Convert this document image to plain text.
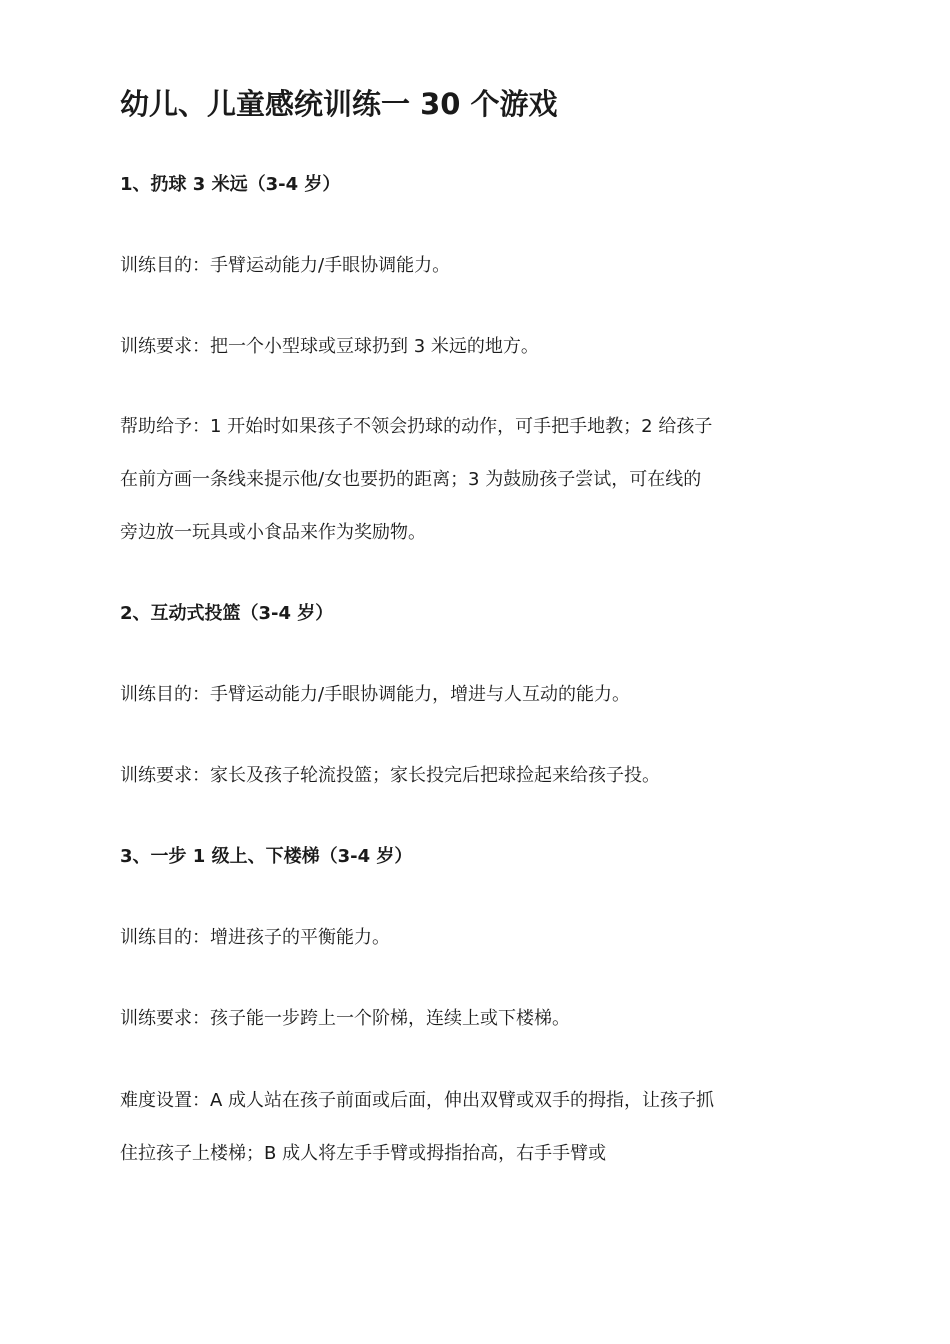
幼儿、儿童感统训练一 30 个游戏
1、扔球 3 米远（3-4 岁）

训练目的：手臂运动能力/手眼协调能力。

训练要求：把一个小型球或豆球扔到 3 米远的地方。

帮助给予：1 开始时如果孩子不领会扔球的动作，可手把手地教；2 给孩子
在前方画一条线来提示他/女也要扔的距离；3 为鼓励孩子尝试，可在线的
旁边放一玩具或小食品来作为奖励物。
2、互动式投篮（3-4 岁）

训练目的：手臂运动能力/手眼协调能力，增进与人互动的能力。

训练要求：家长及孩子轮流投篮；家长投完后把球捡起来给孩子投。

3、一步 1 级上、下楼梯（3-4 岁）

训练目的：增进孩子的平衡能力。

训练要求：孩子能一步跨上一个阶梯，连续上或下楼梯。

难度设置：A 成人站在孩子前面或后面，伸出双臂或双手的拇指，让孩子抓
住拉孩子上楼梯；B 成人将左手手臂或拇指抬高，右手手臂或
